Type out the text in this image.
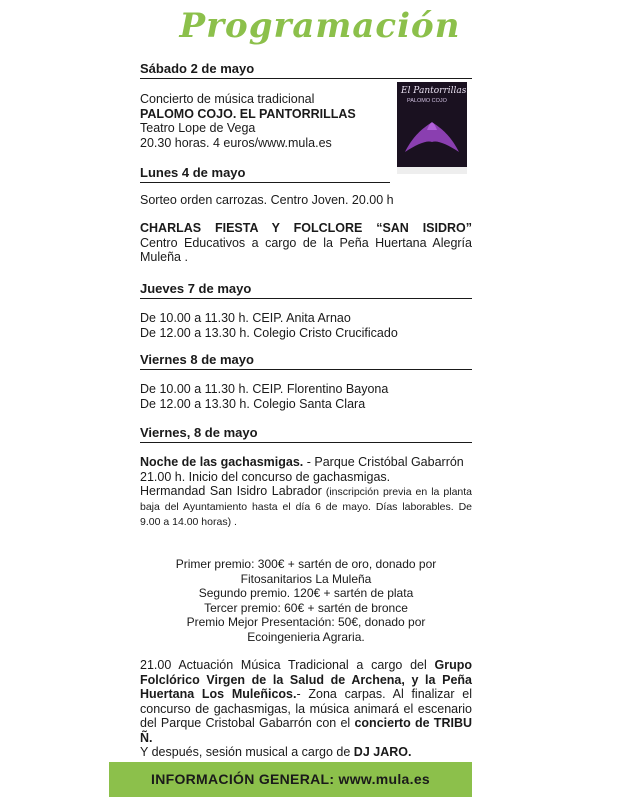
Programación
Sábado 2 de mayo
Concierto de música tradicional
PALOMO COJO. EL PANTORRILLAS
Teatro Lope de Vega
20.30 horas. 4 euros/www.mula.es
El Pantorrillas
PALOMO COJO
Lunes 4 de mayo
Sorteo orden carrozas. Centro Joven. 20.00 h
CHARLAS FIESTA Y FOLCLORE “SAN ISIDRO”
Centro Educativos a cargo de la Peña Huertana Alegría Muleña .
Jueves 7 de mayo
De 10.00 a 11.30 h. CEIP. Anita Arnao
De 12.00 a 13.30 h. Colegio Cristo Crucificado
Viernes 8 de mayo
De 10.00 a 11.30 h. CEIP. Florentino Bayona
De 12.00 a 13.30 h. Colegio Santa Clara
Viernes, 8 de mayo
Noche de las gachasmigas. - Parque Cristóbal Gabarrón
21.00 h. Inicio del concurso de gachasmigas.
Hermandad San Isidro Labrador (inscripción previa en la planta baja del Ayuntamiento hasta el día 6 de mayo. Días laborables. De 9.00 a 14.00 horas) .
Primer premio: 300€ + sartén de oro, donado por
Fitosanitarios La Muleña
Segundo premio. 120€ + sartén de plata
Tercer premio: 60€ + sartén de bronce
Premio Mejor Presentación: 50€, donado por
Ecoingenieria Agraria.
21.00 Actuación Música Tradicional a cargo del Grupo Folclórico Virgen de la Salud de Archena, y la Peña Huertana Los Muleñicos.- Zona carpas. Al finalizar el concurso de gachasmigas, la música animará el escenario del Parque Cristobal Gabarrón con el concierto de TRIBU Ñ.
Y después, sesión musical a cargo de DJ JARO.
INFORMACIÓN GENERAL: www.mula.es
